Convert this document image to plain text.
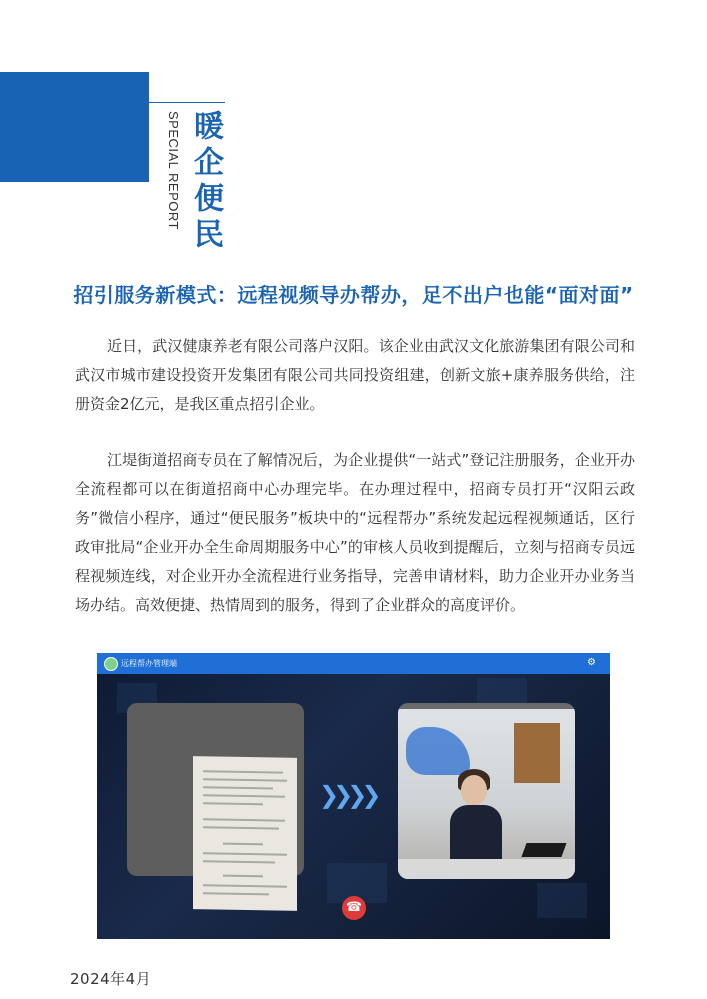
SPECIAL REPORT 暖企便民
招引服务新模式：远程视频导办帮办，足不出户也能“面对面”

近日，武汉健康养老有限公司落户汉阳。该企业由武汉文化旅游集团有限公司和武汉市城市建设投资开发集团有限公司共同投资组建，创新文旅+康养服务供给，注册资金2亿元，是我区重点招引企业。

江堤街道招商专员在了解情况后，为企业提供“一站式”登记注册服务，企业开办全流程都可以在街道招商中心办理完毕。在办理过程中，招商专员打开“汉阳云政务”微信小程序，通过“便民服务”板块中的“远程帮办”系统发起远程视频通话，区行政审批局“企业开办全生命周期服务中心”的审核人员收到提醒后，立刻与招商专员远程视频连线，对企业开办全流程进行业务指导，完善申请材料，助力企业开办业务当场办结。高效便捷、热情周到的服务，得到了企业群众的高度评价。

远程帮办管理端	⚙
❯❯❯❯
☎
2024年4月
